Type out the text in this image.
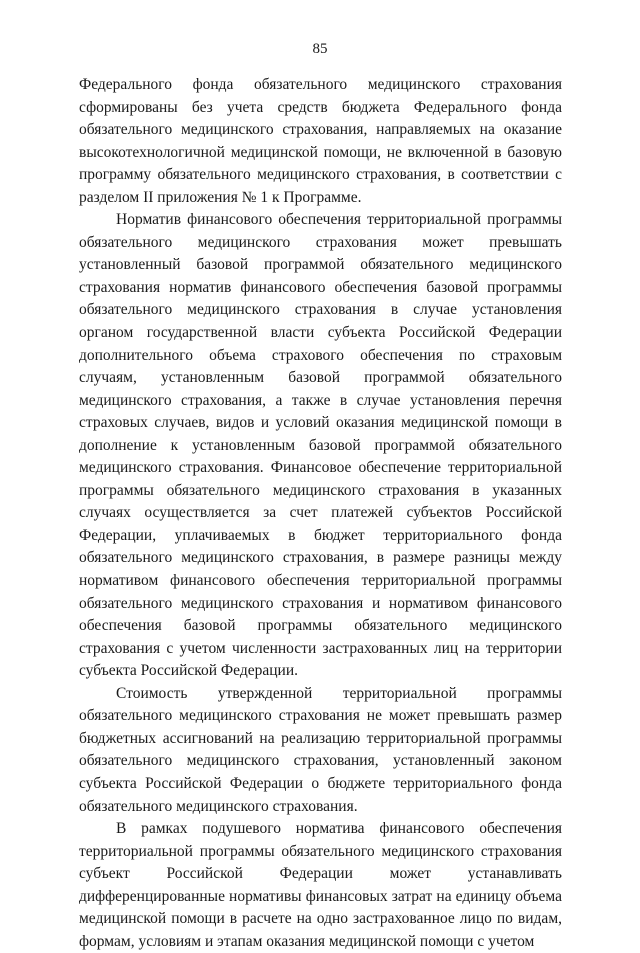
85

Федерального фонда обязательного медицинского страхования сформированы без учета средств бюджета Федерального фонда обязательного медицинского страхования, направляемых на оказание высокотехнологичной медицинской помощи, не включенной в базовую программу обязательного медицинского страхования, в соответствии с разделом II приложения № 1 к Программе.

Норматив финансового обеспечения территориальной программы обязательного медицинского страхования может превышать установленный базовой программой обязательного медицинского страхования норматив финансового обеспечения базовой программы обязательного медицинского страхования в случае установления органом государственной власти субъекта Российской Федерации дополнительного объема страхового обеспечения по страховым случаям, установленным базовой программой обязательного медицинского страхования, а также в случае установления перечня страховых случаев, видов и условий оказания медицинской помощи в дополнение к установленным базовой программой обязательного медицинского страхования. Финансовое обеспечение территориальной программы обязательного медицинского страхования в указанных случаях осуществляется за счет платежей субъектов Российской Федерации, уплачиваемых в бюджет территориального фонда обязательного медицинского страхования, в размере разницы между нормативом финансового обеспечения территориальной программы обязательного медицинского страхования и нормативом финансового обеспечения базовой программы обязательного медицинского страхования с учетом численности застрахованных лиц на территории субъекта Российской Федерации.

Стоимость утвержденной территориальной программы обязательного медицинского страхования не может превышать размер бюджетных ассигнований на реализацию территориальной программы обязательного медицинского страхования, установленный законом субъекта Российской Федерации о бюджете территориального фонда обязательного медицинского страхования.

В рамках подушевого норматива финансового обеспечения территориальной программы обязательного медицинского страхования субъект Российской Федерации может устанавливать дифференцированные нормативы финансовых затрат на единицу объема медицинской помощи в расчете на одно застрахованное лицо по видам, формам, условиям и этапам оказания медицинской помощи с учетом
